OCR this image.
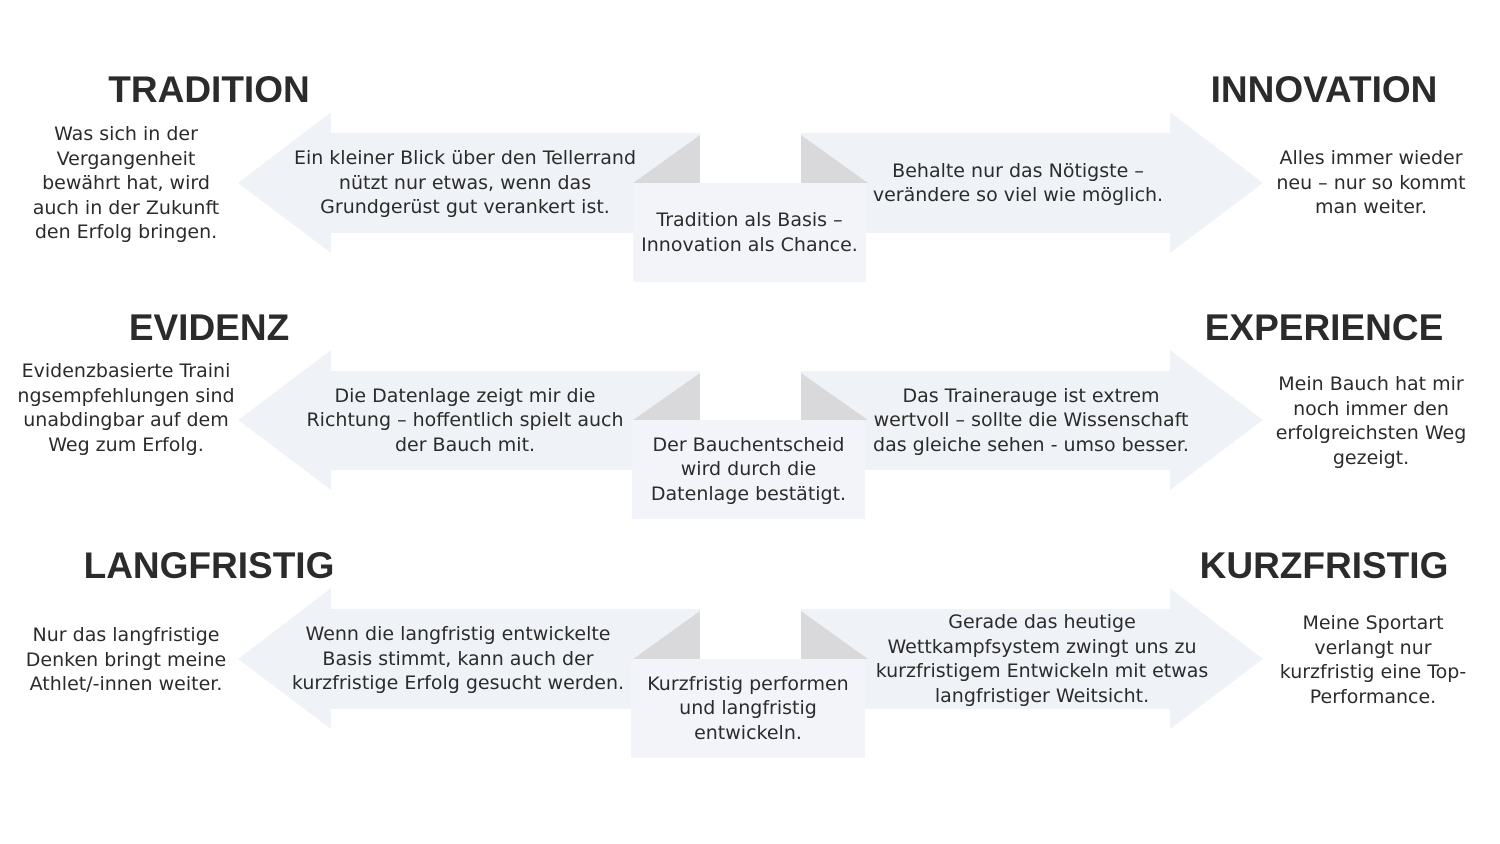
TRADITION	INNOVATION
Was sich in der Vergangenheit bewährt hat, wird auch in der Zukunft den Erfolg bringen.
Ein kleiner Blick über den Tellerrand nützt nur etwas, wenn das Grundgerüst gut verankert ist.
Tradition als Basis – Innovation als Chance.
Behalte nur das Nötigste – verändere so viel wie möglich.
Alles immer wieder neu – nur so kommt man weiter.
EVIDENZ	EXPERIENCE
Evidenzbasierte Trainingsempfehlungen sind unabdingbar auf dem Weg zum Erfolg.
Die Datenlage zeigt mir die Richtung – hoffentlich spielt auch der Bauch mit.	Der Bauchentscheid wird durch die Datenlage bestätigt.
Das Trainerauge ist extrem wertvoll – sollte die Wissenschaft das gleiche sehen - umso besser.
Mein Bauch hat mir noch immer den erfolgreichsten Weg gezeigt.
LANGFRISTIG	KURZFRISTIG
Nur das langfristige Denken bringt meine Athlet/-innen weiter.
Wenn die langfristig entwickelte Basis stimmt, kann auch der kurzfristige Erfolg gesucht werden.	Kurzfristig performen und langfristig entwickeln.
Gerade das heutige Wettkampfsystem zwingt uns zu kurzfristigem Entwickeln mit etwas langfristiger Weitsicht.
Meine Sportart verlangt nur kurzfristig eine Top-Performance.
